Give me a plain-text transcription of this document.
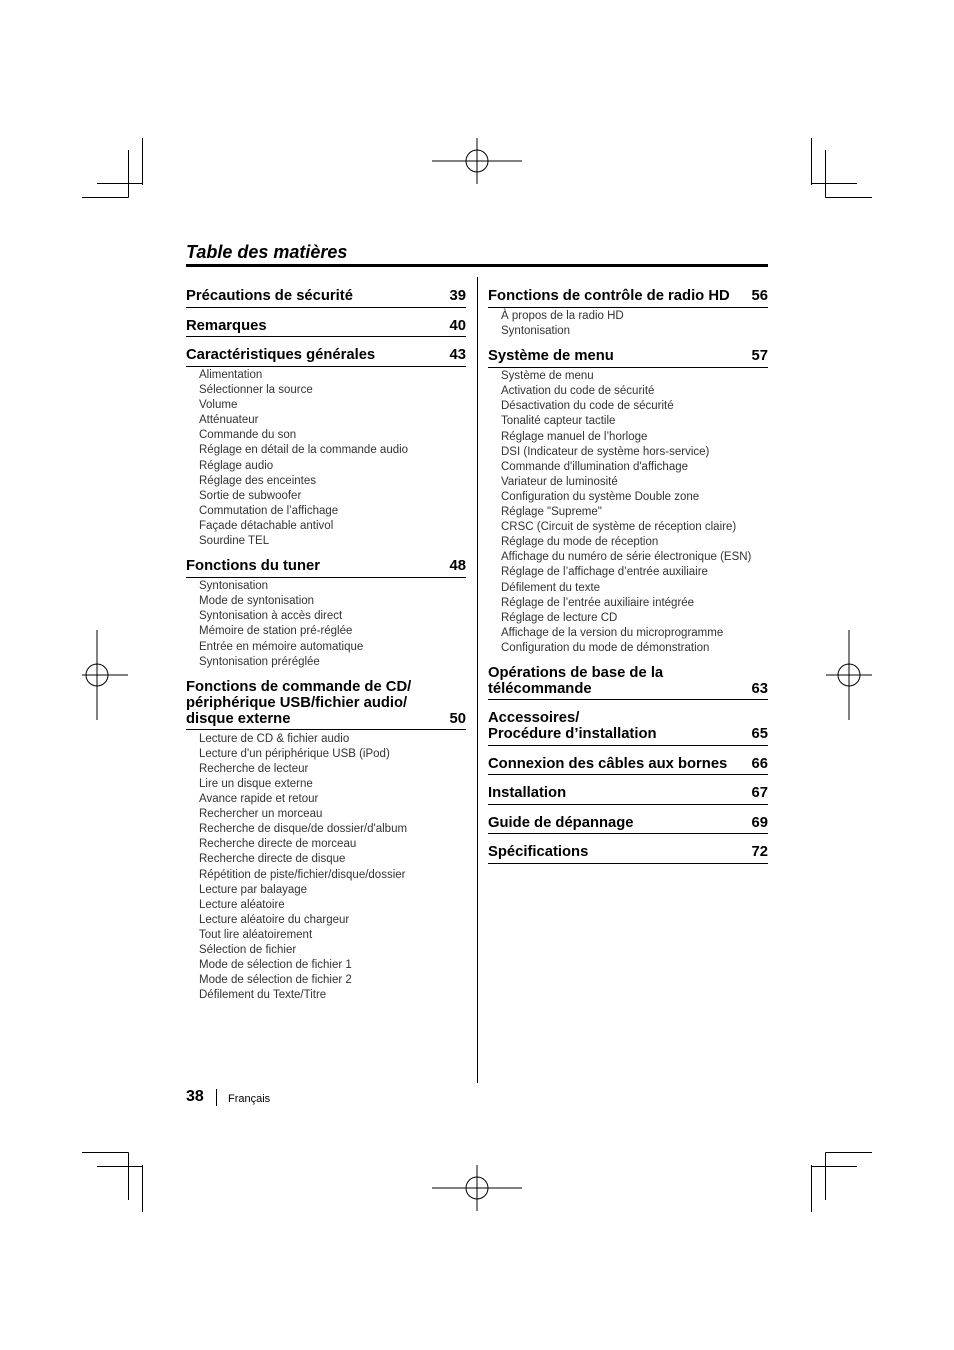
Table des matières
Précautions de sécurité	39
Remarques	40
Caractéristiques générales	43
Alimentation
Sélectionner la source
Volume
Atténuateur
Commande du son
Réglage en détail de la commande audio
Réglage audio
Réglage des enceintes
Sortie de subwoofer
Commutation de l’affichage
Façade détachable antivol
Sourdine TEL
Fonctions du tuner	48
Syntonisation
Mode de syntonisation
Syntonisation à accès direct
Mémoire de station pré-réglée
Entrée en mémoire automatique
Syntonisation préréglée
Fonctions de commande de CD/
périphérique USB/fichier audio/
disque externe	50
Lecture de CD & fichier audio
Lecture d'un périphérique USB (iPod)
Recherche de lecteur
Lire un disque externe
Avance rapide et retour
Rechercher un morceau
Recherche de disque/de dossier/d'album
Recherche directe de morceau
Recherche directe de disque
Répétition de piste/fichier/disque/dossier
Lecture par balayage
Lecture aléatoire
Lecture aléatoire du chargeur
Tout lire aléatoirement
Sélection de fichier
Mode de sélection de fichier 1
Mode de sélection de fichier 2
Défilement du Texte/Titre
Fonctions de contrôle de radio HD 56
À propos de la radio HD
Syntonisation
Système de menu	57
Système de menu
Activation du code de sécurité
Désactivation du code de sécurité
Tonalité capteur tactile
Réglage manuel de l’horloge
DSI (Indicateur de système hors-service)
Commande d'illumination d'affichage
Variateur de luminosité
Configuration du système Double zone
Réglage "Supreme"
CRSC (Circuit de système de réception claire)
Réglage du mode de réception
Affichage du numéro de série électronique (ESN)
Réglage de l’affichage d’entrée auxiliaire
Défilement du texte
Réglage de l’entrée auxiliaire intégrée
Réglage de lecture CD
Affichage de la version du microprogramme
Configuration du mode de démonstration
Opérations de base de la
télécommande	63
Accessoires/
Procédure d’installation	65
Connexion des câbles aux bornes 66
Installation	67
Guide de dépannage	69
Spécifications	72
38 Français
